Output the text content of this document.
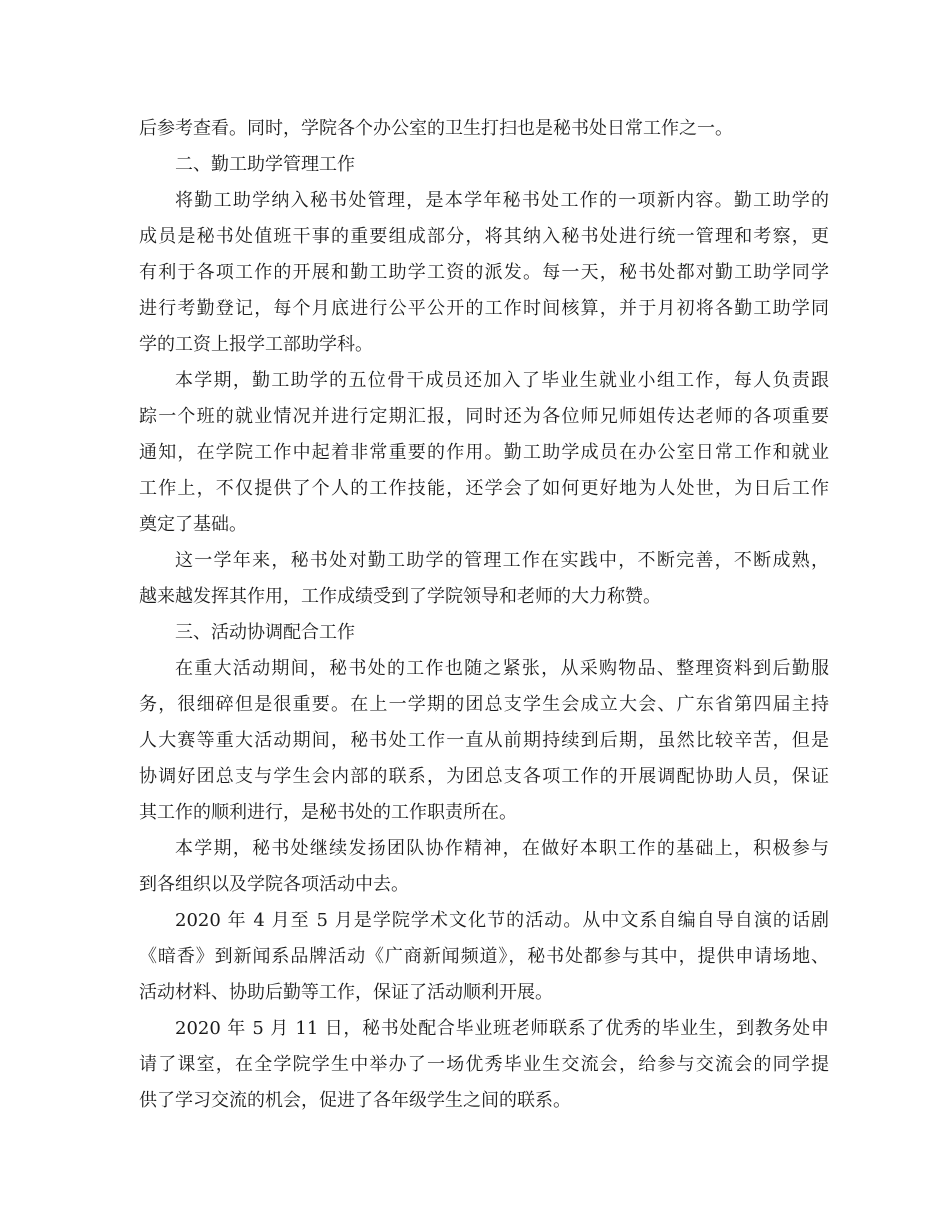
后参考查看。同时，学院各个办公室的卫生打扫也是秘书处日常工作之一。
二、勤工助学管理工作
将勤工助学纳入秘书处管理，是本学年秘书处工作的一项新内容。勤工助学的
成员是秘书处值班干事的重要组成部分，将其纳入秘书处进行统一管理和考察，更
有利于各项工作的开展和勤工助学工资的派发。每一天，秘书处都对勤工助学同学
进行考勤登记，每个月底进行公平公开的工作时间核算，并于月初将各勤工助学同
学的工资上报学工部助学科。
本学期，勤工助学的五位骨干成员还加入了毕业生就业小组工作，每人负责跟
踪一个班的就业情况并进行定期汇报，同时还为各位师兄师姐传达老师的各项重要
通知，在学院工作中起着非常重要的作用。勤工助学成员在办公室日常工作和就业
工作上，不仅提供了个人的工作技能，还学会了如何更好地为人处世，为日后工作
奠定了基础。
这一学年来，秘书处对勤工助学的管理工作在实践中，不断完善，不断成熟，
越来越发挥其作用，工作成绩受到了学院领导和老师的大力称赞。
三、活动协调配合工作
在重大活动期间，秘书处的工作也随之紧张，从采购物品、整理资料到后勤服
务，很细碎但是很重要。在上一学期的团总支学生会成立大会、广东省第四届主持
人大赛等重大活动期间，秘书处工作一直从前期持续到后期，虽然比较辛苦，但是
协调好团总支与学生会内部的联系，为团总支各项工作的开展调配协助人员，保证
其工作的顺利进行，是秘书处的工作职责所在。
本学期，秘书处继续发扬团队协作精神，在做好本职工作的基础上，积极参与
到各组织以及学院各项活动中去。
2020 年 4 月至 5 月是学院学术文化节的活动。从中文系自编自导自演的话剧
《暗香》到新闻系品牌活动《广商新闻频道》，秘书处都参与其中，提供申请场地、
活动材料、协助后勤等工作，保证了活动顺利开展。
2020 年 5 月 11 日，秘书处配合毕业班老师联系了优秀的毕业生，到教务处申
请了课室，在全学院学生中举办了一场优秀毕业生交流会，给参与交流会的同学提
供了学习交流的机会，促进了各年级学生之间的联系。
